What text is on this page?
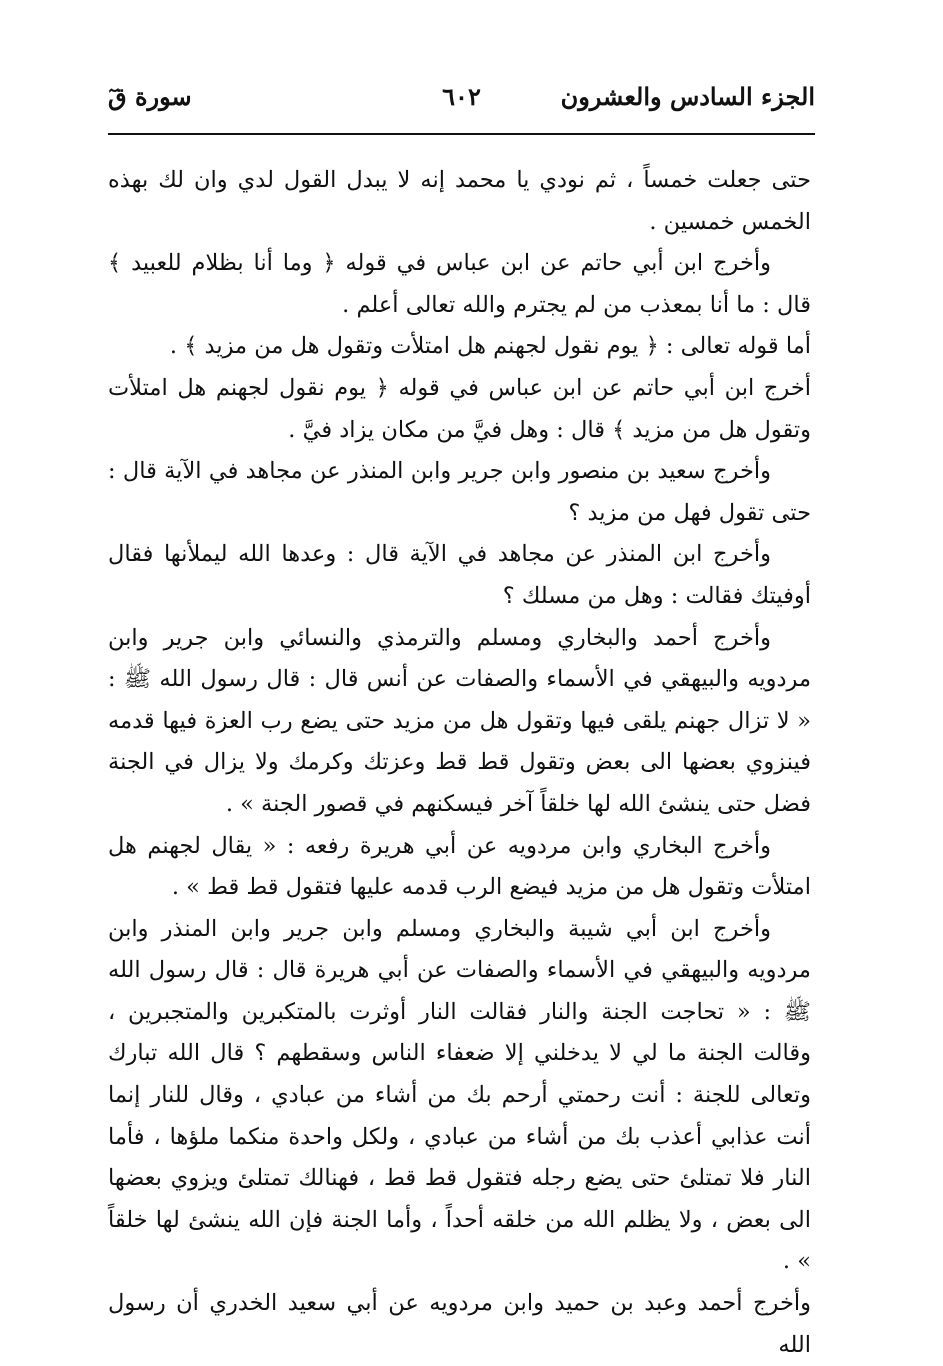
الجزء السادس والعشرون
٦٠٢
سورة قٓ

حتى جعلت خمساً ، ثم نودي يا محمد إنه لا يبدل القول لدي وان لك بهذه الخمس خمسين .

وأخرج ابن أبي حاتم عن ابن عباس في قوله ﴿ وما أنا بظلام للعبيد ﴾ قال : ما أنا بمعذب من لم يجترم والله تعالى أعلم .

أما قوله تعالى : ﴿ يوم نقول لجهنم هل امتلأت وتقول هل من مزيد ﴾ .

أخرج ابن أبي حاتم عن ابن عباس في قوله ﴿ يوم نقول لجهنم هل امتلأت وتقول هل من مزيد ﴾ قال : وهل فيَّ من مكان يزاد فيَّ .

وأخرج سعيد بن منصور وابن جرير وابن المنذر عن مجاهد في الآية قال : حتى تقول فهل من مزيد ؟

وأخرج ابن المنذر عن مجاهد في الآية قال : وعدها الله ليملأنها فقال أوفيتك فقالت : وهل من مسلك ؟

وأخرج أحمد والبخاري ومسلم والترمذي والنسائي وابن جرير وابن مردويه والبيهقي في الأسماء والصفات عن أنس قال : قال رسول الله ﷺ : « لا تزال جهنم يلقى فيها وتقول هل من مزيد حتى يضع رب العزة فيها قدمه فينزوي بعضها الى بعض وتقول قط قط وعزتك وكرمك ولا يزال في الجنة فضل حتى ينشئ الله لها خلقاً آخر فيسكنهم في قصور الجنة » .

وأخرج البخاري وابن مردويه عن أبي هريرة رفعه : « يقال لجهنم هل امتلأت وتقول هل من مزيد فيضع الرب قدمه عليها فتقول قط قط » .

وأخرج ابن أبي شيبة والبخاري ومسلم وابن جرير وابن المنذر وابن مردويه والبيهقي في الأسماء والصفات عن أبي هريرة قال : قال رسول الله ﷺ : « تحاجت الجنة والنار فقالت النار أوثرت بالمتكبرين والمتجبرين ، وقالت الجنة ما لي لا يدخلني إلا ضعفاء الناس وسقطهم ؟ قال الله تبارك وتعالى للجنة : أنت رحمتي أرحم بك من أشاء من عبادي ، وقال للنار إنما أنت عذابي أعذب بك من أشاء من عبادي ، ولكل واحدة منكما ملؤها ، فأما النار فلا تمتلئ حتى يضع رجله فتقول قط قط ، فهنالك تمتلئ ويزوي بعضها الى بعض ، ولا يظلم الله من خلقه أحداً ، وأما الجنة فإن الله ينشئ لها خلقاً » .

وأخرج أحمد وعبد بن حميد وابن مردويه عن أبي سعيد الخدري أن رسول الله
